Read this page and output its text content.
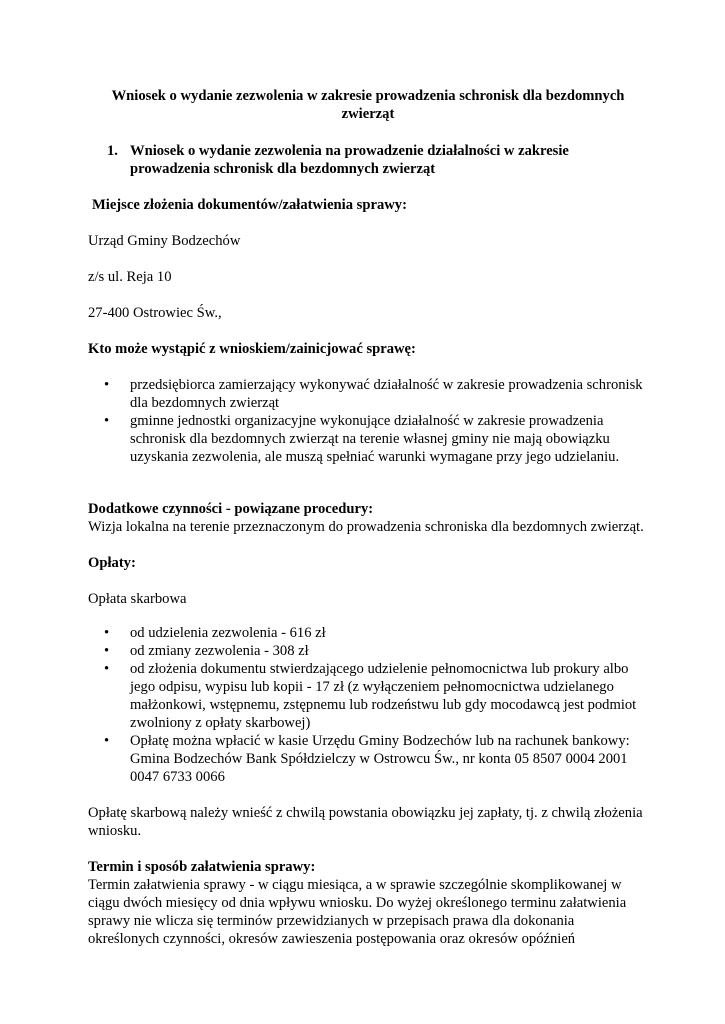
Wniosek o wydanie zezwolenia w zakresie prowadzenia schronisk dla bezdomnych zwierząt
1. Wniosek o wydanie zezwolenia na prowadzenie działalności w zakresie prowadzenia schronisk dla bezdomnych zwierząt

Miejsce złożenia dokumentów/załatwienia sprawy:

Urząd Gminy Bodzechów

z/s ul. Reja 10

27-400 Ostrowiec Św.,

Kto może wystąpić z wnioskiem/zainicjować sprawę:

• przedsiębiorca zamierzający wykonywać działalność w zakresie prowadzenia schronisk dla bezdomnych zwierząt
• gminne jednostki organizacyjne wykonujące działalność w zakresie prowadzenia schronisk dla bezdomnych zwierząt na terenie własnej gminy nie mają obowiązku uzyskania zezwolenia, ale muszą spełniać warunki wymagane przy jego udzielaniu.

Dodatkowe czynności - powiązane procedury:

Wizja lokalna na terenie przeznaczonym do prowadzenia schroniska dla bezdomnych zwierząt.

Opłaty:

Opłata skarbowa

• od udzielenia zezwolenia - 616 zł
• od zmiany zezwolenia - 308 zł
• od złożenia dokumentu stwierdzającego udzielenie pełnomocnictwa lub prokury albo jego odpisu, wypisu lub kopii - 17 zł (z wyłączeniem pełnomocnictwa udzielanego małżonkowi, wstępnemu, zstępnemu lub rodzeństwu lub gdy mocodawcą jest podmiot zwolniony z opłaty skarbowej)
• Opłatę można wpłacić w kasie Urzędu Gminy Bodzechów lub na rachunek bankowy: Gmina Bodzechów Bank Spółdzielczy w Ostrowcu Św., nr konta 05 8507 0004 2001 0047 6733 0066

Opłatę skarbową należy wnieść z chwilą powstania obowiązku jej zapłaty, tj. z chwilą złożenia wniosku.

Termin i sposób załatwienia sprawy:

Termin załatwienia sprawy - w ciągu miesiąca, a w sprawie szczególnie skomplikowanej w ciągu dwóch miesięcy od dnia wpływu wniosku. Do wyżej określonego terminu załatwienia sprawy nie wlicza się terminów przewidzianych w przepisach prawa dla dokonania określonych czynności, okresów zawieszenia postępowania oraz okresów opóźnień
